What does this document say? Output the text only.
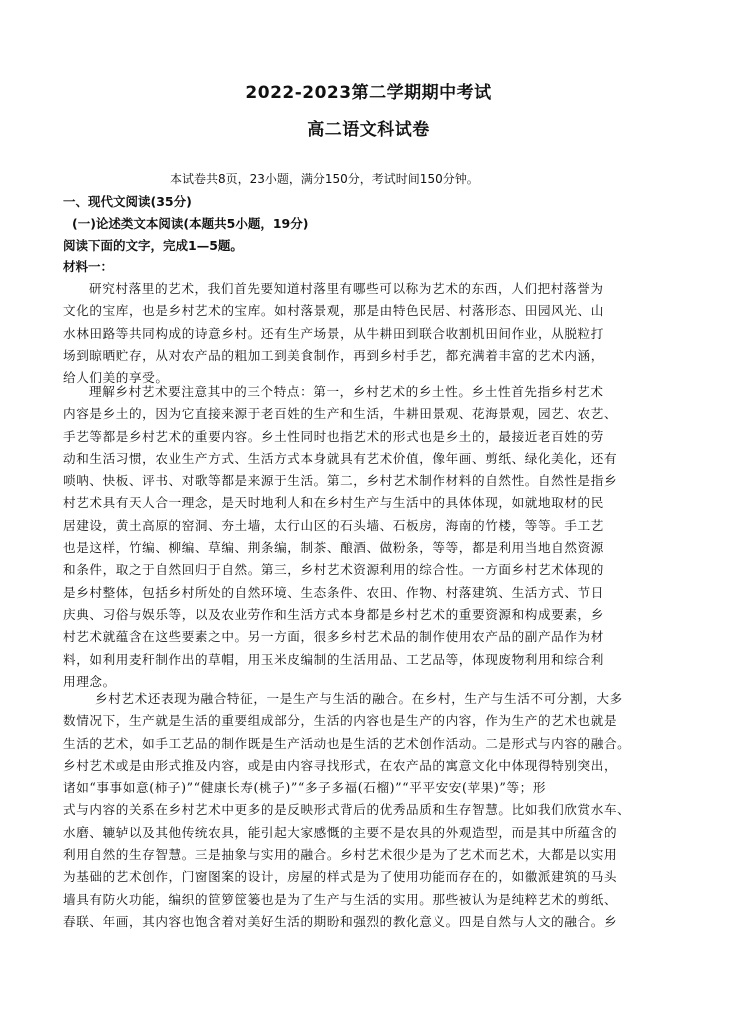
2022-2023第二学期期中考试
高二语文科试卷
本试卷共8页，23小题，满分150分，考试时间150分钟。
一、现代文阅读(35分)
(一)论述类文本阅读(本题共5小题，19分)
阅读下面的文字，完成1—5题。
材料一：
研究村落里的艺术，我们首先要知道村落里有哪些可以称为艺术的东西，人们把村落誉为
文化的宝库，也是乡村艺术的宝库。如村落景观，那是由特色民居、村落形态、田园风光、山
水林田路等共同构成的诗意乡村。还有生产场景，从牛耕田到联合收割机田间作业，从脱粒打
场到晾晒贮存，从对农产品的粗加工到美食制作，再到乡村手艺，都充满着丰富的艺术内涵，
给人们美的享受。
理解乡村艺术要注意其中的三个特点：第一，乡村艺术的乡土性。乡土性首先指乡村艺术
内容是乡土的，因为它直接来源于老百姓的生产和生活，牛耕田景观、花海景观，园艺、农艺、
手艺等都是乡村艺术的重要内容。乡土性同时也指艺术的形式也是乡土的，最接近老百姓的劳
动和生活习惯，农业生产方式、生活方式本身就具有艺术价值，像年画、剪纸、绿化美化，还有
唢呐、快板、评书、对歌等都是来源于生活。第二，乡村艺术制作材料的自然性。自然性是指乡
村艺术具有天人合一理念，是天时地利人和在乡村生产与生活中的具体体现，如就地取材的民
居建设，黄土高原的窑洞、夯土墙，太行山区的石头墙、石板房，海南的竹楼，等等。手工艺
也是这样，竹编、柳编、草编、荆条编，制茶、酿酒、做粉条，等等，都是利用当地自然资源
和条件，取之于自然回归于自然。第三，乡村艺术资源利用的综合性。一方面乡村艺术体现的
是乡村整体，包括乡村所处的自然环境、生态条件、农田、作物、村落建筑、生活方式、节日
庆典、习俗与娱乐等，以及农业劳作和生活方式本身都是乡村艺术的重要资源和构成要素，乡
村艺术就蕴含在这些要素之中。另一方面，很多乡村艺术品的制作使用农产品的副产品作为材
料，如利用麦秆制作出的草帽，用玉米皮编制的生活用品、工艺品等，体现废物利用和综合利
用理念。
乡村艺术还表现为融合特征，一是生产与生活的融合。在乡村，生产与生活不可分割，大多
数情况下，生产就是生活的重要组成部分，生活的内容也是生产的内容，作为生产的艺术也就是
生活的艺术，如手工艺品的制作既是生产活动也是生活的艺术创作活动。二是形式与内容的融合。
乡村艺术或是由形式推及内容，或是由内容寻找形式，在农产品的寓意文化中体现得特别突出，
诸如“事事如意(柿子)”“健康长寿(桃子)”“多子多福(石榴)”“平平安安(苹果)”等；形
式与内容的关系在乡村艺术中更多的是反映形式背后的优秀品质和生存智慧。比如我们欣赏水车、
水磨、辘轳以及其他传统农具，能引起大家感慨的主要不是农具的外观造型，而是其中所蕴含的
利用自然的生存智慧。三是抽象与实用的融合。乡村艺术很少是为了艺术而艺术，大都是以实用
为基础的艺术创作，门窗图案的设计，房屋的样式是为了使用功能而存在的，如徽派建筑的马头
墙具有防火功能，编织的笸箩筐篓也是为了生产与生活的实用。那些被认为是纯粹艺术的剪纸、
春联、年画，其内容也饱含着对美好生活的期盼和强烈的教化意义。四是自然与人文的融合。乡
